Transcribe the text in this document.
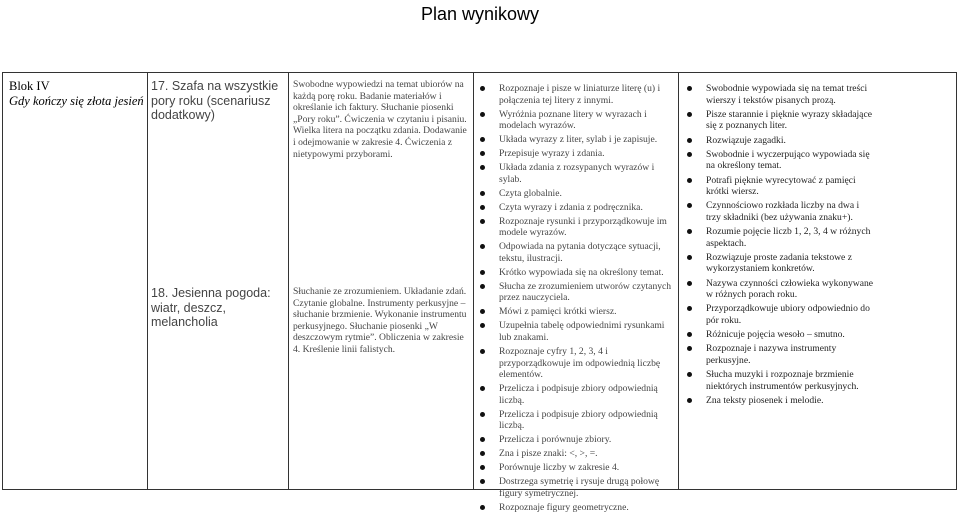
Plan wynikowy
Blok IV
Gdy kończy się złota jesień
17. Szafa na wszystkie pory roku (scenariusz dodatkowy)
18. Jesienna pogoda: wiatr, deszcz, melancholia
Swobodne wypowiedzi na temat ubiorów na każdą porę roku. Badanie materiałów i określanie ich faktury. Słuchanie piosenki „Pory roku”. Ćwiczenia w czytaniu i pisaniu. Wielka litera na początku zdania. Dodawanie i odejmowanie w zakresie 4. Ćwiczenia z nietypowymi przyborami.
Słuchanie ze zrozumieniem. Układanie zdań. Czytanie globalne. Instrumenty perkusyjne – słuchanie brzmienie. Wykonanie instrumentu perkusyjnego. Słuchanie piosenki „W deszczowym rytmie”. Obliczenia w zakresie 4. Kreślenie linii falistych.
Rozpoznaje i pisze w liniaturze literę (u) i połączenia tej litery z innymi.
Wyróżnia poznane litery w wyrazach i modelach wyrazów.
Układa wyrazy z liter, sylab i je zapisuje.
Przepisuje wyrazy i zdania.
Układa zdania z rozsypanych wyrazów i sylab.
Czyta globalnie.
Czyta wyrazy i zdania z podręcznika.
Rozpoznaje rysunki i przyporządkowuje im modele wyrazów.
Odpowiada na pytania dotyczące sytuacji, tekstu, ilustracji.
Krótko wypowiada się na określony temat.
Słucha ze zrozumieniem utworów czytanych przez nauczyciela.
Mówi z pamięci krótki wiersz.
Uzupełnia tabelę odpowiednimi rysunkami lub znakami.
Rozpoznaje cyfry 1, 2, 3, 4 i przyporządkowuje im odpowiednią liczbę elementów.
Przelicza i podpisuje zbiory odpowiednią liczbą.
Przelicza i podpisuje zbiory odpowiednią liczbą.
Przelicza i porównuje zbiory.
Zna i pisze znaki: <, >, =.
Porównuje liczby w zakresie 4.
Dostrzega symetrię i rysuje drugą połowę figury symetrycznej.
Rozpoznaje figury geometryczne.
Swobodnie wypowiada się na temat treści wierszy i tekstów pisanych prozą.
Pisze starannie i pięknie wyrazy składające się z poznanych liter.
Rozwiązuje zagadki.
Swobodnie i wyczerpująco wypowiada się na określony temat.
Potrafi pięknie wyrecytować z pamięci krótki wiersz.
Czynnościowo rozkłada liczby na dwa i trzy składniki (bez używania znaku+).
Rozumie pojęcie liczb 1, 2, 3, 4 w różnych aspektach.
Rozwiązuje proste zadania tekstowe z wykorzystaniem konkretów.
Nazywa czynności człowieka wykonywane w różnych porach roku.
Przyporządkowuje ubiory odpowiednio do pór roku.
Różnicuje pojęcia wesoło – smutno.
Rozpoznaje i nazywa instrumenty perkusyjne.
Słucha muzyki i rozpoznaje brzmienie niektórych instrumentów perkusyjnych.
Zna teksty piosenek i melodie.
